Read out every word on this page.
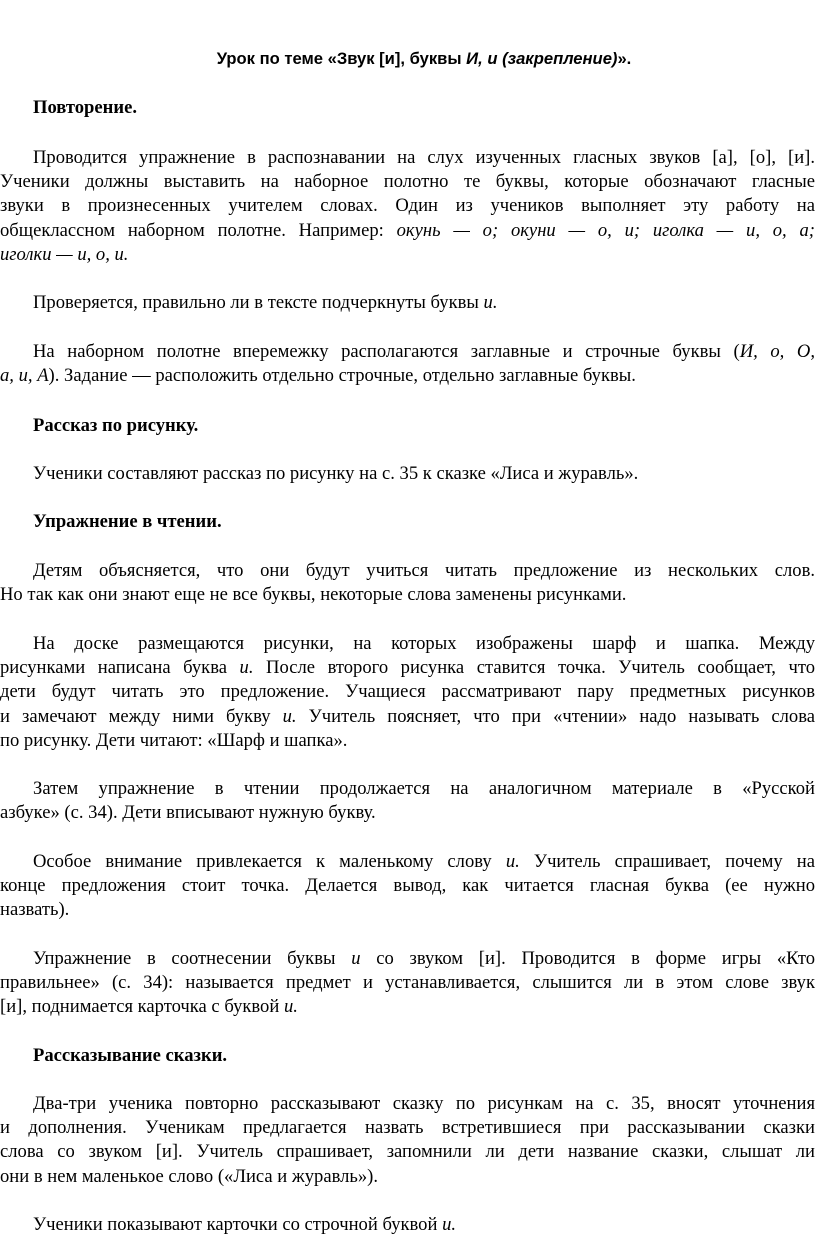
Урок по теме «Звук [и], буквы И, и (закрепление)».
Повторение.
Проводится упражнение в распознавании на слух изученных гласных звуков [а], [о], [и].
Ученики должны выставить на наборное полотно те буквы, которые обозначают гласные
звуки в произнесенных учителем словах. Один из учеников выполняет эту работу на
общеклассном наборном полотне. Например: окунь — о; окуни — о, и; иголка — и, о, а;
иголки — и, о, и.
Проверяется, правильно ли в тексте подчеркнуты буквы и.
На наборном полотне вперемежку располагаются заглавные и строчные буквы (И, о, О,
а, и, А). Задание — расположить отдельно строчные, отдельно заглавные буквы.
Рассказ по рисунку.
Ученики составляют рассказ по рисунку на с. 35 к сказке «Лиса и журавль».
Упражнение в чтении.
Детям объясняется, что они будут учиться читать предложение из нескольких слов.
Но так как они знают еще не все буквы, некоторые слова заменены рисунками.
На доске размещаются рисунки, на которых изображены шарф и шапка. Между
рисунками написана буква и. После второго рисунка ставится точка. Учитель сообщает, что
дети будут читать это предложение. Учащиеся рассматривают пару предметных рисунков
и замечают между ними букву и. Учитель поясняет, что при «чтении» надо называть слова
по рисунку. Дети читают: «Шарф и шапка».
Затем упражнение в чтении продолжается на аналогичном материале в «Русской
азбуке» (с. 34). Дети вписывают нужную букву.
Особое внимание привлекается к маленькому слову и. Учитель спрашивает, почему на
конце предложения стоит точка. Делается вывод, как читается гласная буква (ее нужно
назвать).
Упражнение в соотнесении буквы и со звуком [и]. Проводится в форме игры «Кто
правильнее» (с. 34): называется предмет и устанавливается, слышится ли в этом слове звук
[и], поднимается карточка с буквой и.
Рассказывание сказки.
Два-три ученика повторно рассказывают сказку по рисункам на с. 35, вносят уточнения
и дополнения. Ученикам предлагается назвать встретившиеся при рассказывании сказки
слова со звуком [и]. Учитель спрашивает, запомнили ли дети название сказки, слышат ли
они в нем маленькое слово («Лиса и журавль»).
Ученики показывают карточки со строчной буквой и.
